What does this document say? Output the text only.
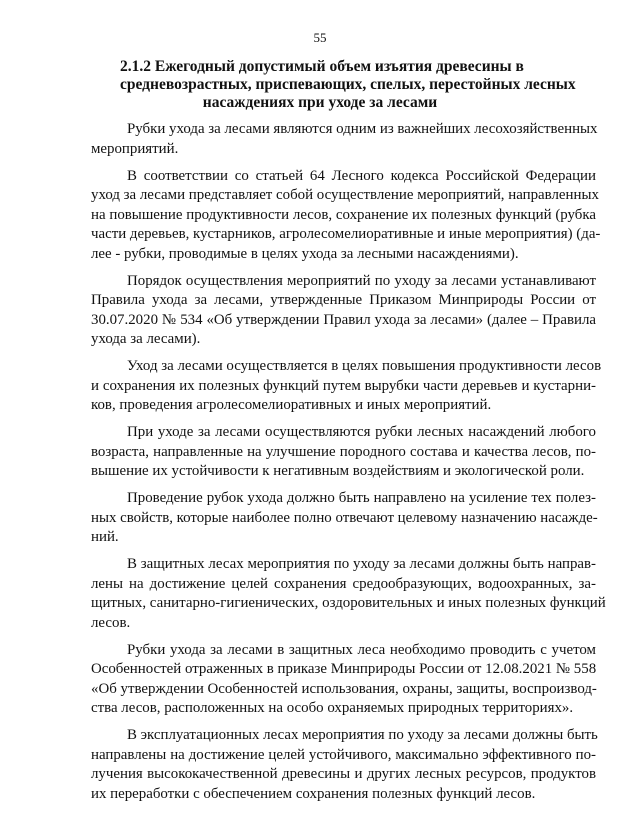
55
2.1.2 Ежегодный допустимый объем изъятия древесины в
средневозрастных, приспевающих, спелых, перестойных лесных
насаждениях при уходе за лесами

Рубки ухода за лесами являются одним из важнейших лесохозяйственных
мероприятий.

В соответствии со статьей 64 Лесного кодекса Российской Федерации
уход за лесами представляет собой осуществление мероприятий, направленных
на повышение продуктивности лесов, сохранение их полезных функций (рубка
части деревьев, кустарников, агролесомелиоративные и иные мероприятия) (да-
лее - рубки, проводимые в целях ухода за лесными насаждениями).

Порядок осуществления мероприятий по уходу за лесами устанавливают
Правила ухода за лесами, утвержденные Приказом Минприроды России от
30.07.2020 № 534 «Об утверждении Правил ухода за лесами» (далее – Правила
ухода за лесами).

Уход за лесами осуществляется в целях повышения продуктивности лесов
и сохранения их полезных функций путем вырубки части деревьев и кустарни-
ков, проведения агролесомелиоративных и иных мероприятий.

При уходе за лесами осуществляются рубки лесных насаждений любого
возраста, направленные на улучшение породного состава и качества лесов, по-
вышение их устойчивости к негативным воздействиям и экологической роли.

Проведение рубок ухода должно быть направлено на усиление тех полез-
ных свойств, которые наиболее полно отвечают целевому назначению насажде-
ний.

В защитных лесах мероприятия по уходу за лесами должны быть направ-
лены на достижение целей сохранения средообразующих, водоохранных, за-
щитных, санитарно-гигиенических, оздоровительных и иных полезных функций
лесов.

Рубки ухода за лесами в защитных леса необходимо проводить с учетом
Особенностей отраженных в приказе Минприроды России от 12.08.2021 № 558
«Об утверждении Особенностей использования, охраны, защиты, воспроизвод-
ства лесов, расположенных на особо охраняемых природных территориях».

В эксплуатационных лесах мероприятия по уходу за лесами должны быть
направлены на достижение целей устойчивого, максимально эффективного по-
лучения высококачественной древесины и других лесных ресурсов, продуктов
их переработки с обеспечением сохранения полезных функций лесов.
